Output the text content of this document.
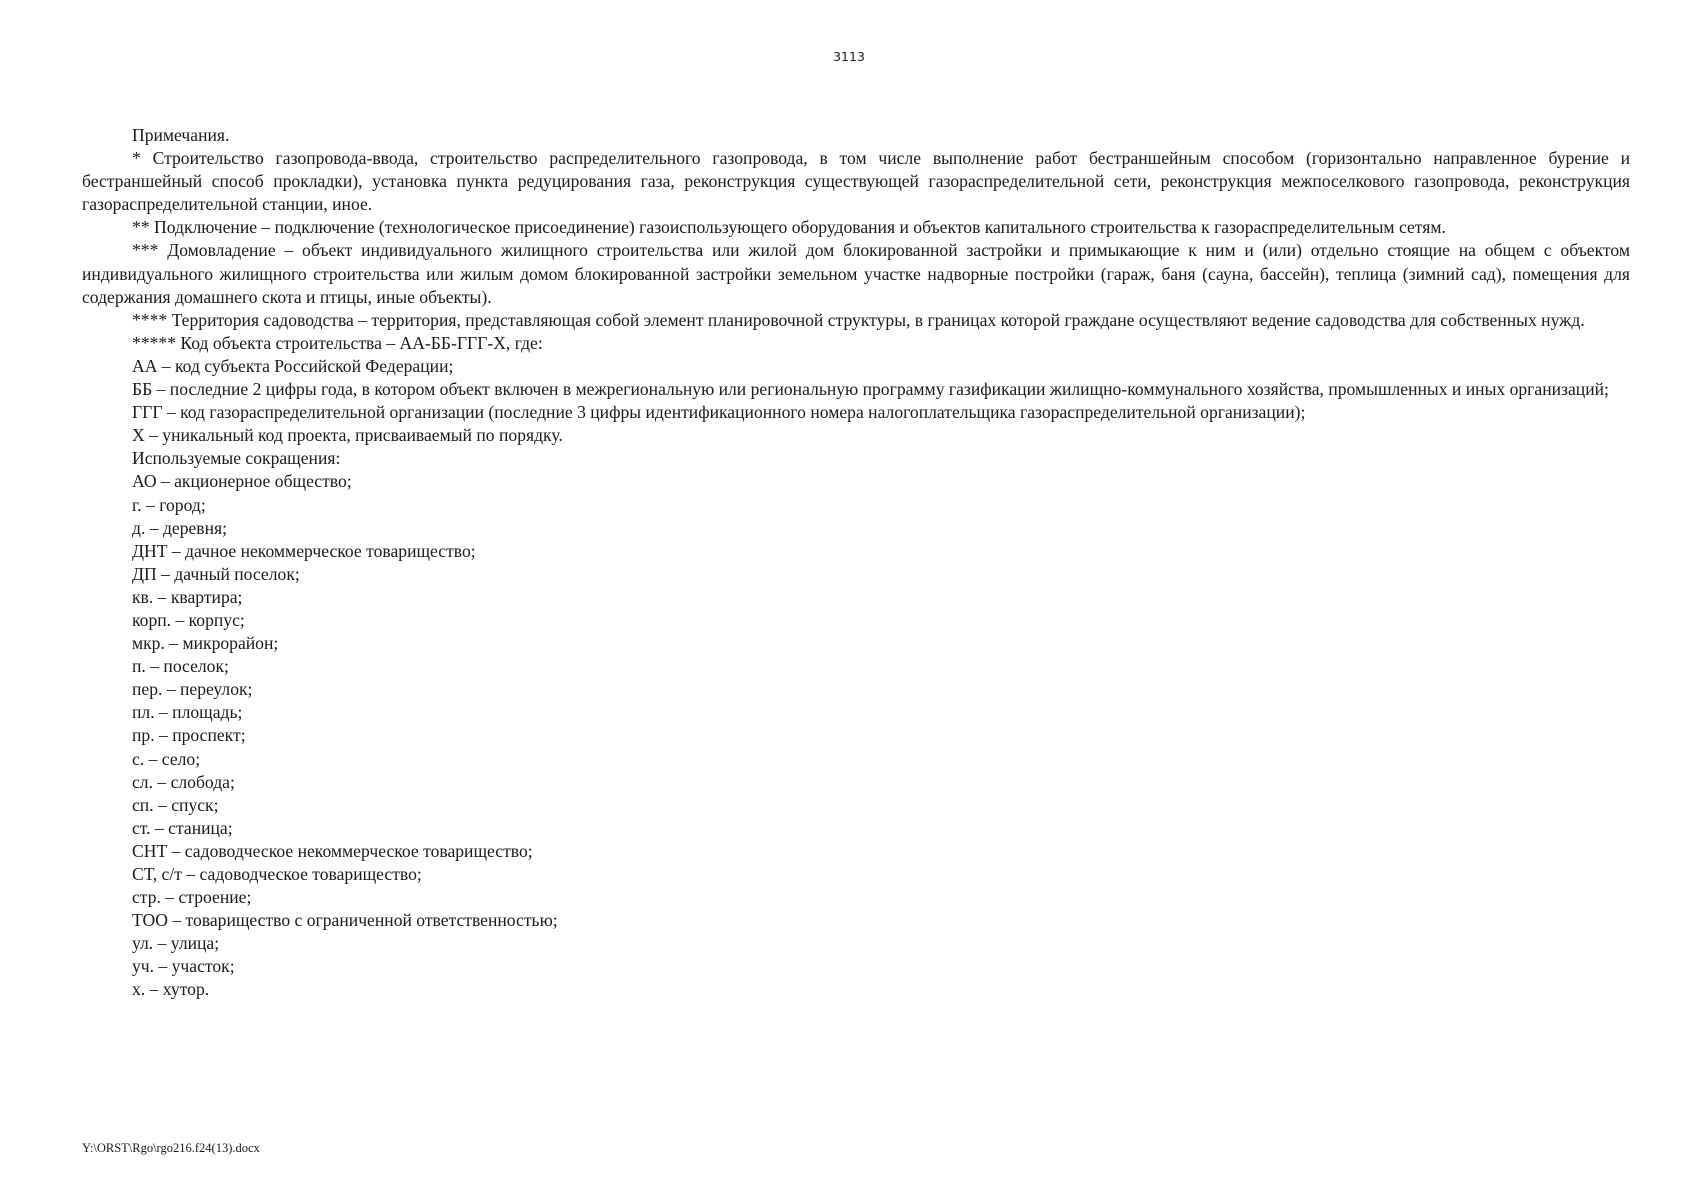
3113

Примечания.

* Строительство газопровода-ввода, строительство распределительного газопровода, в том числе выполнение работ бестраншейным способом (горизонтально направленное бурение и бестраншейный способ прокладки), установка пункта редуцирования газа, реконструкция существующей газораспределительной сети, реконструкция межпоселкового газопровода, реконструкция газораспределительной станции, иное.

** Подключение – подключение (технологическое присоединение) газоиспользующего оборудования и объектов капитального строительства к газораспределительным сетям.

*** Домовладение – объект индивидуального жилищного строительства или жилой дом блокированной застройки и примыкающие к ним и (или) отдельно стоящие на общем с объектом индивидуального жилищного строительства или жилым домом блокированной застройки земельном участке надворные постройки (гараж, баня (сауна, бассейн), теплица (зимний сад), помещения для содержания домашнего скота и птицы, иные объекты).

**** Территория садоводства – территория, представляющая собой элемент планировочной структуры, в границах которой граждане осуществляют ведение садоводства для собственных нужд.

***** Код объекта строительства – АА-ББ-ГГГ-Х, где:

АА – код субъекта Российской Федерации;

ББ – последние 2 цифры года, в котором объект включен в межрегиональную или региональную программу газификации жилищно-коммунального хозяйства, промышленных и иных организаций;

ГГГ – код газораспределительной организации (последние 3 цифры идентификационного номера налогоплательщика газораспределительной организации);

Х – уникальный код проекта, присваиваемый по порядку.

Используемые сокращения:

АО – акционерное общество;
г. – город;
д. – деревня;
ДНТ – дачное некоммерческое товарищество;
ДП – дачный поселок;
кв. – квартира;
корп. – корпус;
мкр. – микрорайон;
п. – поселок;
пер. – переулок;
пл. – площадь;
пр. – проспект;
с. – село;
сл. – слобода;
сп. – спуск;
ст. – станица;
СНТ – садоводческое некоммерческое товарищество;
СТ, с/т – садоводческое товарищество;
стр. – строение;
ТОО – товарищество с ограниченной ответственностью;
ул. – улица;
уч. – участок;
х. – хутор.
Y:\ORST\Rgo\rgo216.f24(13).docx
